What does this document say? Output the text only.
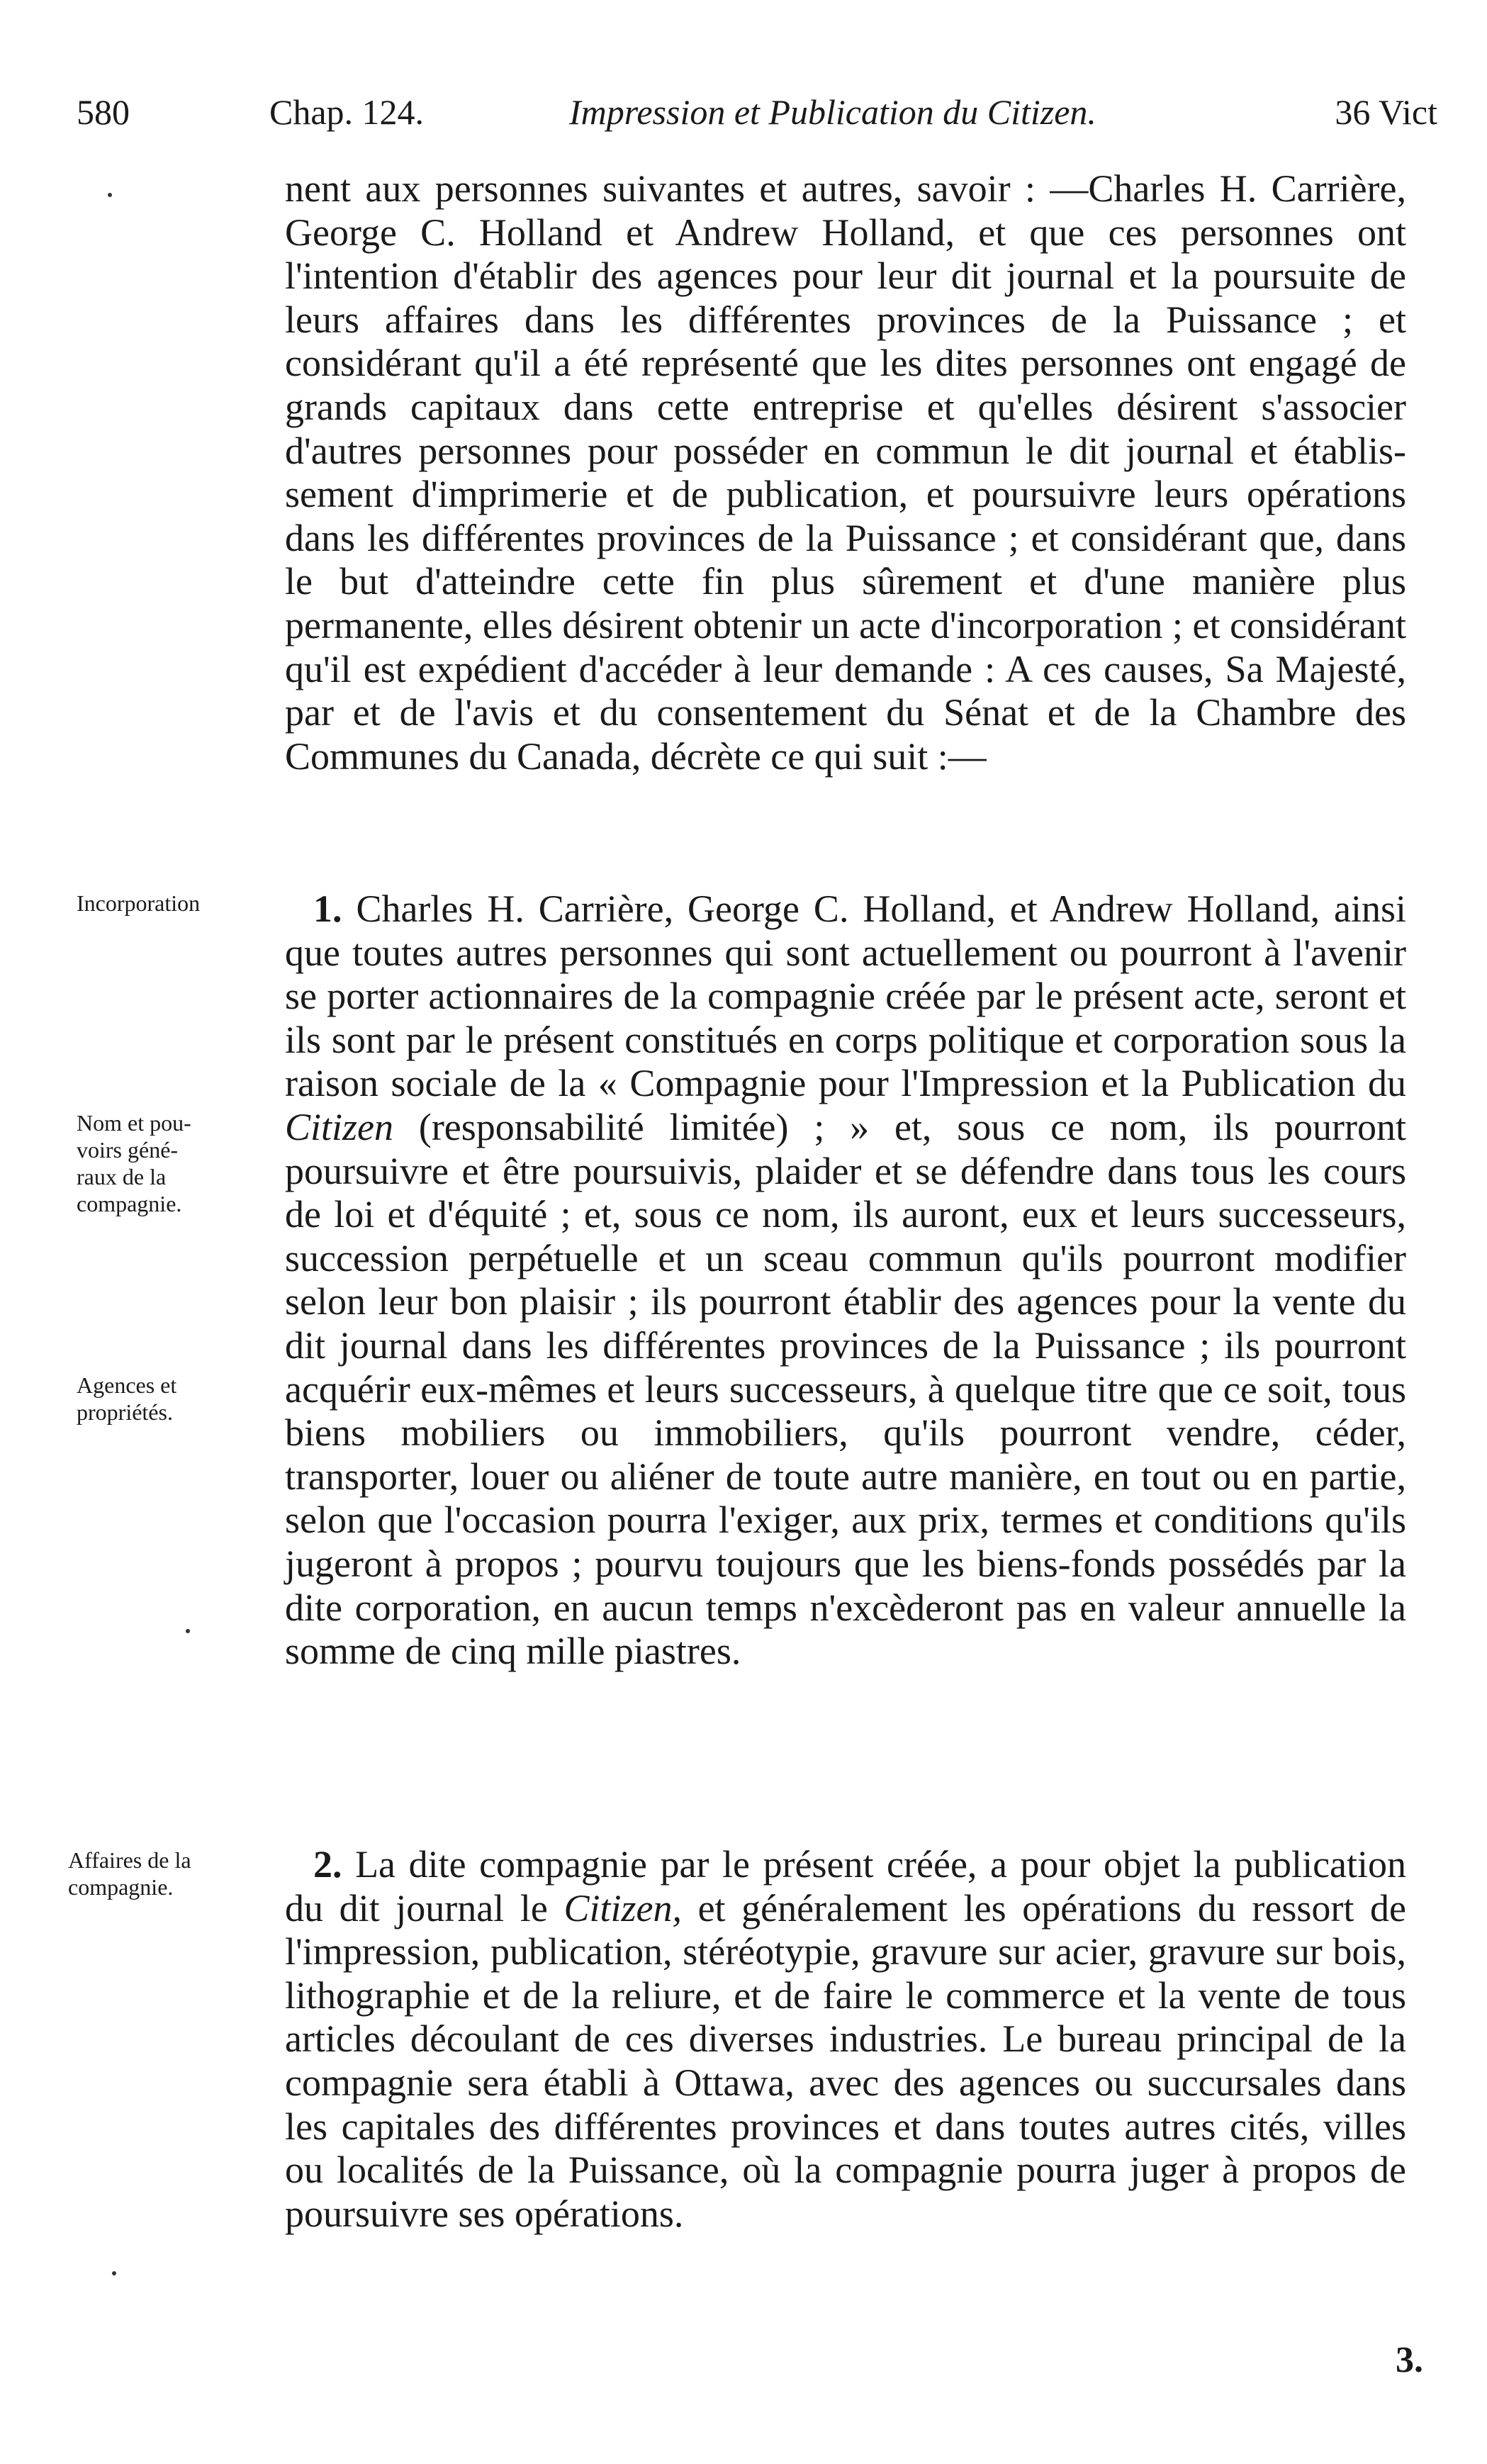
580	Chap. 124.	Impression et Publication du Citizen.	36 Vict

nent aux personnes suivantes et autres, savoir : —Charles H. Carrière, George C. Holland et Andrew Holland, et que ces personnes ont l'intention d'établir des agences pour leur dit journal et la poursuite de leurs affaires dans les différentes provinces de la Puissance ; et considérant qu'il a été représenté que les dites personnes ont engagé de grands capitaux dans cette entreprise et qu'elles désirent s'associer d'autres personnes pour posséder en commun le dit journal et établissement d'imprimerie et de publication, et poursuivre leurs opérations dans les différentes provinces de la Puissance ; et considérant que, dans le but d'atteindre cette fin plus sûrement et d'une manière plus permanente, elles désirent obtenir un acte d'incorporation ; et considérant qu'il est expédient d'accéder à leur demande : A ces causes, Sa Majesté, par et de l'avis et du consentement du Sénat et de la Chambre des Communes du Canada, décrète ce qui suit :—

Incorporation	1. Charles H. Carrière, George C. Holland, et Andrew Holland, ainsi que toutes autres personnes qui sont actuellement ou pourront à l'avenir se porter actionnaires de la compagnie créée par le présent acte, seront et ils sont par le présent constitués en corps politique et corporation sous la raison sociale de la « Compagnie pour l'Impression et la Publication du Citizen (responsabilité limitée) ; » et, sous ce nom, ils pourront poursuivre et être poursuivis, plaider et se défendre dans tous les cours de loi et d'équité ; et, sous ce nom, ils auront, eux et leurs successeurs, succession perpétuelle et un sceau commun qu'ils pourront modifier selon leur bon plaisir ; ils pourront établir des agences pour la vente du dit journal dans les différentes provinces de la Puissance ; ils pourront acquérir eux-mêmes et leurs successeurs, à quelque titre que ce soit, tous biens mobiliers ou immobiliers, qu'ils pourront vendre, céder, transporter, louer ou aliéner de toute autre manière, en tout ou en partie, selon que l'occasion pourra l'exiger, aux prix, termes et conditions qu'ils jugeront à propos ; pourvu toujours que les biens-fonds possédés par la dite corporation, en aucun temps n'excèderont pas en valeur annuelle la somme de cinq mille piastres.

Nom et pou-
voirs géné-
raux de la
compagnie.

Agences et
propriétés.

Affaires de la
compagnie.

2. La dite compagnie par le présent créée, a pour objet la publication du dit journal le Citizen, et généralement les opérations du ressort de l'impression, publication, stéréotypie, gravure sur acier, gravure sur bois, lithographie et de la reliure, et de faire le commerce et la vente de tous articles découlant de ces diverses industries. Le bureau principal de la compagnie sera établi à Ottawa, avec des agences ou succursales dans les capitales des différentes provinces et dans toutes autres cités, villes ou localités de la Puissance, où la compagnie pourra juger à propos de poursuivre ses opérations.

3.
